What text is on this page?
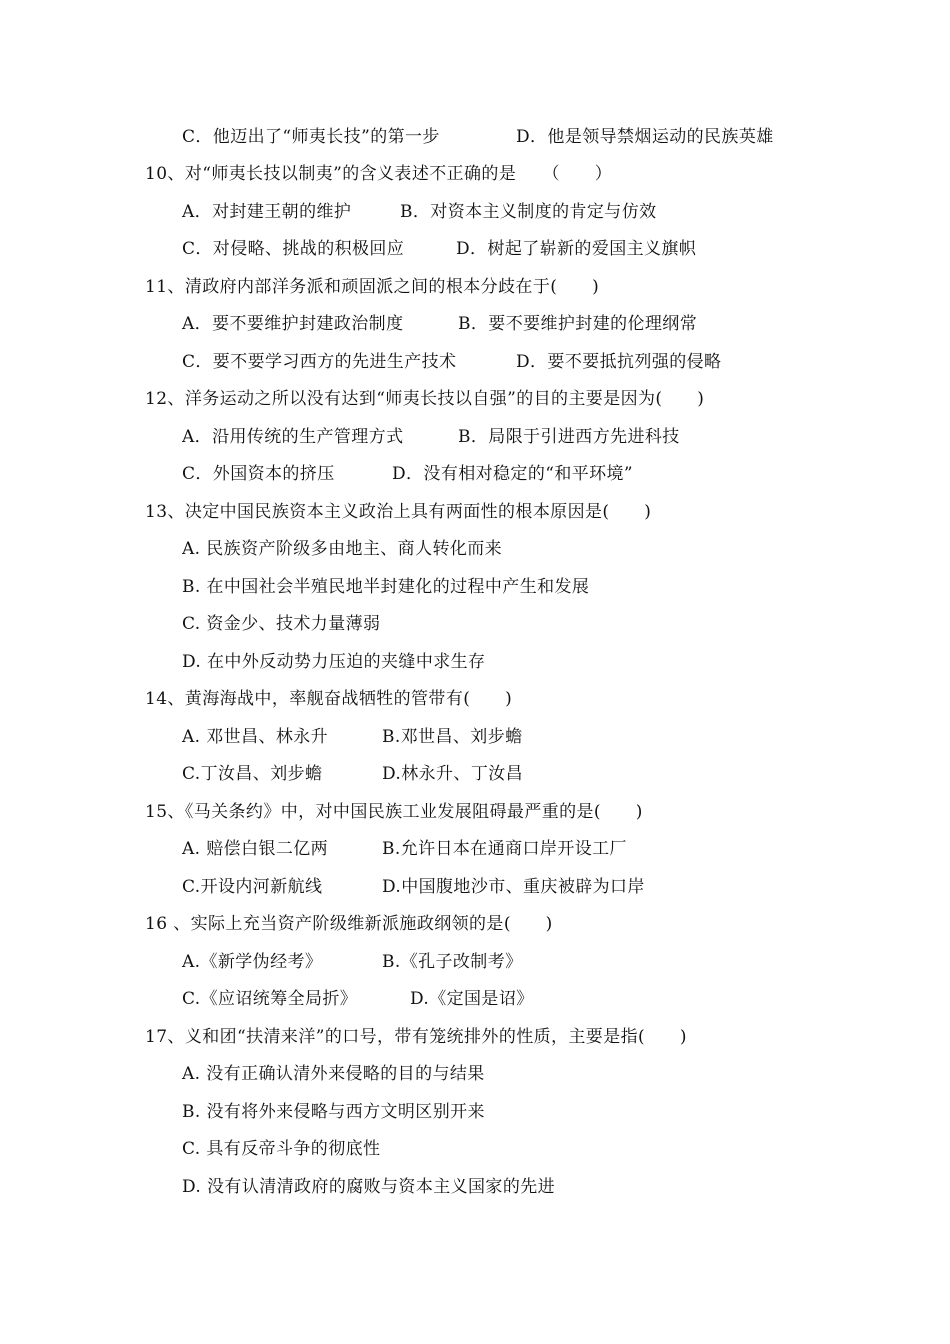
C．他迈出了“师夷长技”的第一步	D．他是领导禁烟运动的民族英雄
10、对“师夷长技以制夷”的含义表述不正确的是　　（　　）
A．对封建王朝的维护	B．对资本主义制度的肯定与仿效
C．对侵略、挑战的积极回应	D．树起了崭新的爱国主义旗帜
11、清政府内部洋务派和顽固派之间的根本分歧在于(　　)
A．要不要维护封建政治制度	B．要不要维护封建的伦理纲常
C．要不要学习西方的先进生产技术	D．要不要抵抗列强的侵略
12、洋务运动之所以没有达到“师夷长技以自强”的目的主要是因为(　　)
A．沿用传统的生产管理方式	B．局限于引进西方先进科技
C．外国资本的挤压	D．没有相对稳定的“和平环境”
13、决定中国民族资本主义政治上具有两面性的根本原因是(　　)
A. 民族资产阶级多由地主、商人转化而来
B. 在中国社会半殖民地半封建化的过程中产生和发展
C. 资金少、技术力量薄弱
D. 在中外反动势力压迫的夹缝中求生存
14、黄海海战中，率舰奋战牺牲的管带有(　　)
A. 邓世昌、林永升	B.邓世昌、刘步蟾
C.丁汝昌、刘步蟾	D.林永升、丁汝昌
15、《马关条约》中，对中国民族工业发展阻碍最严重的是(　　)
A. 赔偿白银二亿两	B.允许日本在通商口岸开设工厂
C.开设内河新航线	D.中国腹地沙市、重庆被辟为口岸
16 、实际上充当资产阶级维新派施政纲领的是(　　)
A.《新学伪经考》	B.《孔子改制考》
C.《应诏统筹全局折》	D.《定国是诏》
17、义和团“扶清来洋”的口号，带有笼统排外的性质，主要是指(　　)
A. 没有正确认清外来侵略的目的与结果
B. 没有将外来侵略与西方文明区别开来
C. 具有反帝斗争的彻底性
D. 没有认清清政府的腐败与资本主义国家的先进
